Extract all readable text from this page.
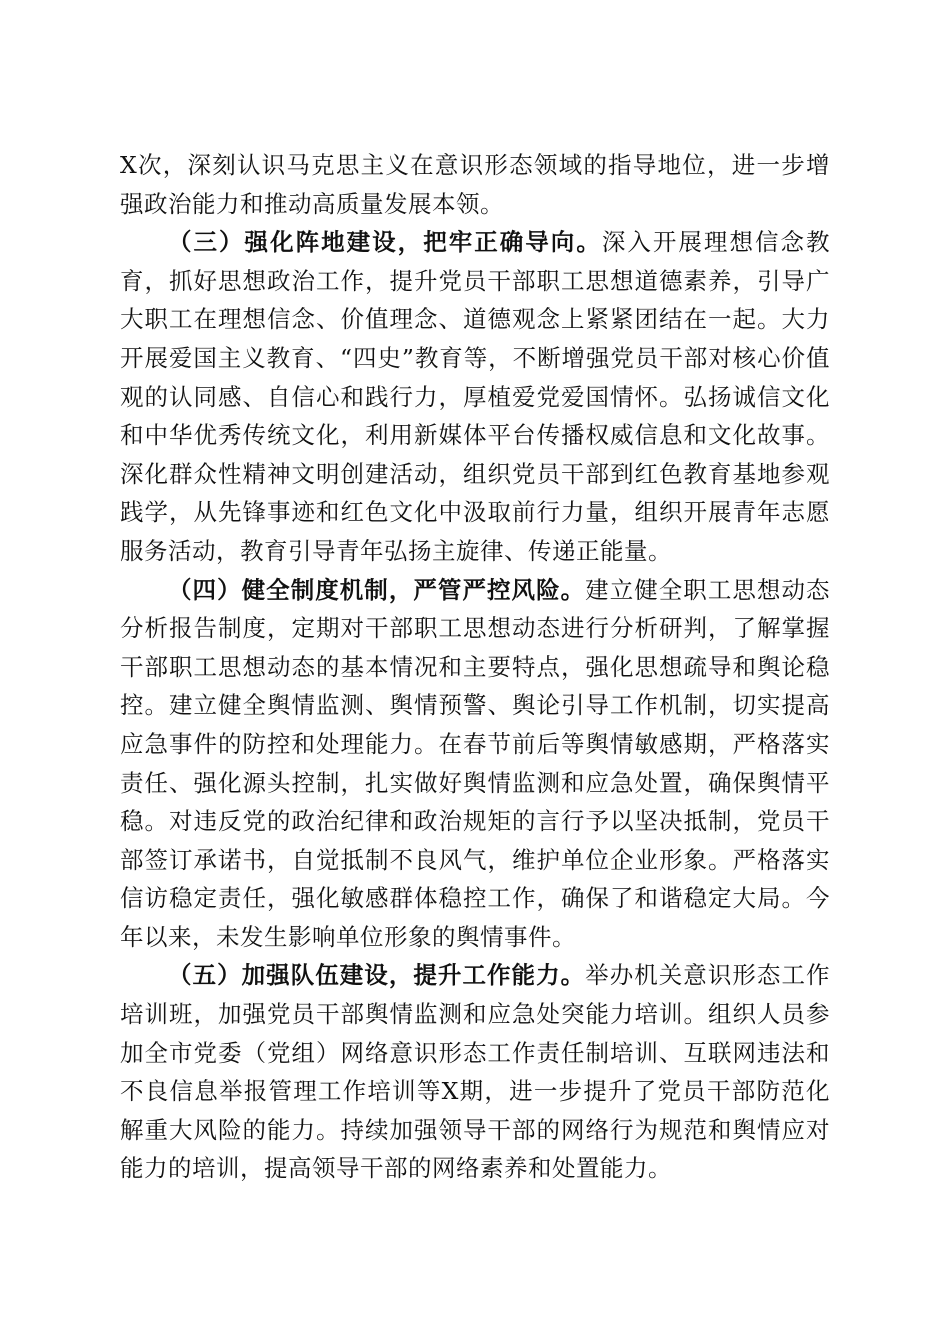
X次，深刻认识马克思主义在意识形态领域的指导地位，进一步增强政治能力和推动高质量发展本领。

（三）强化阵地建设，把牢正确导向。深入开展理想信念教育，抓好思想政治工作，提升党员干部职工思想道德素养，引导广大职工在理想信念、价值理念、道德观念上紧紧团结在一起。大力开展爱国主义教育、“四史”教育等，不断增强党员干部对核心价值观的认同感、自信心和践行力，厚植爱党爱国情怀。弘扬诚信文化和中华优秀传统文化，利用新媒体平台传播权威信息和文化故事。深化群众性精神文明创建活动，组织党员干部到红色教育基地参观践学，从先锋事迹和红色文化中汲取前行力量，组织开展青年志愿服务活动，教育引导青年弘扬主旋律、传递正能量。

（四）健全制度机制，严管严控风险。建立健全职工思想动态分析报告制度，定期对干部职工思想动态进行分析研判，了解掌握干部职工思想动态的基本情况和主要特点，强化思想疏导和舆论稳控。建立健全舆情监测、舆情预警、舆论引导工作机制，切实提高应急事件的防控和处理能力。在春节前后等舆情敏感期，严格落实责任、强化源头控制，扎实做好舆情监测和应急处置，确保舆情平稳。对违反党的政治纪律和政治规矩的言行予以坚决抵制，党员干部签订承诺书，自觉抵制不良风气，维护单位企业形象。严格落实信访稳定责任，强化敏感群体稳控工作，确保了和谐稳定大局。今年以来，未发生影响单位形象的舆情事件。

（五）加强队伍建设，提升工作能力。举办机关意识形态工作培训班，加强党员干部舆情监测和应急处突能力培训。组织人员参加全市党委（党组）网络意识形态工作责任制培训、互联网违法和不良信息举报管理工作培训等X期，进一步提升了党员干部防范化解重大风险的能力。持续加强领导干部的网络行为规范和舆情应对能力的培训，提高领导干部的网络素养和处置能力。
